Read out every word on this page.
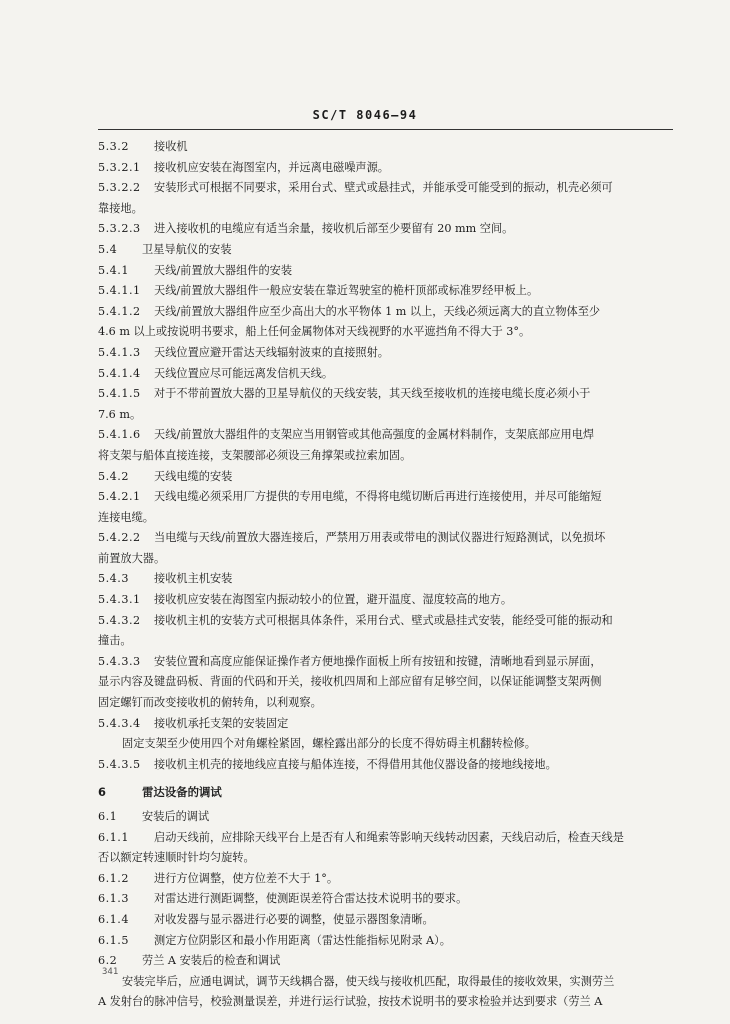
SC/T 8046—94
5.3.2 接收机
5.3.2.1 接收机应安装在海图室内，并远离电磁噪声源。
5.3.2.2 安装形式可根据不同要求，采用台式、壁式或悬挂式，并能承受可能受到的振动，机壳必须可
靠接地。
5.3.2.3 进入接收机的电缆应有适当余量，接收机后部至少要留有 20 mm 空间。
5.4 卫星导航仪的安装
5.4.1 天线/前置放大器组件的安装
5.4.1.1 天线/前置放大器组件一般应安装在靠近驾驶室的桅杆顶部或标准罗经甲板上。
5.4.1.2 天线/前置放大器组件应至少高出大的水平物体 1 m 以上，天线必须远离大的直立物体至少
4.6 m 以上或按说明书要求，船上任何金属物体对天线视野的水平遮挡角不得大于 3°。
5.4.1.3 天线位置应避开雷达天线辐射波束的直接照射。
5.4.1.4 天线位置应尽可能远离发信机天线。
5.4.1.5 对于不带前置放大器的卫星导航仪的天线安装，其天线至接收机的连接电缆长度必须小于
7.6 m。
5.4.1.6 天线/前置放大器组件的支架应当用钢管或其他高强度的金属材料制作，支架底部应用电焊
将支架与船体直接连接，支架腰部必须设三角撑架或拉索加固。
5.4.2 天线电缆的安装
5.4.2.1 天线电缆必须采用厂方提供的专用电缆，不得将电缆切断后再进行连接使用，并尽可能缩短
连接电缆。
5.4.2.2 当电缆与天线/前置放大器连接后，严禁用万用表或带电的测试仪器进行短路测试，以免损坏
前置放大器。
5.4.3 接收机主机安装
5.4.3.1 接收机应安装在海图室内振动较小的位置，避开温度、湿度较高的地方。
5.4.3.2 接收机主机的安装方式可根据具体条件，采用台式、壁式或悬挂式安装，能经受可能的振动和
撞击。
5.4.3.3 安装位置和高度应能保证操作者方便地操作面板上所有按钮和按键，清晰地看到显示屏面，
显示内容及键盘码板、背面的代码和开关，接收机四周和上部应留有足够空间，以保证能调整支架两侧
固定螺钉而改变接收机的俯转角，以利观察。
5.4.3.4 接收机承托支架的安装固定
固定支架至少使用四个对角螺栓紧固，螺栓露出部分的长度不得妨碍主机翻转检修。
5.4.3.5 接收机主机壳的接地线应直接与船体连接，不得借用其他仪器设备的接地线接地。
6	雷达设备的调试
6.1 安装后的调试
6.1.1 启动天线前，应排除天线平台上是否有人和绳索等影响天线转动因素，天线启动后，检查天线是
否以额定转速顺时针均匀旋转。
6.1.2 进行方位调整，使方位差不大于 1°。
6.1.3 对雷达进行测距调整，使测距误差符合雷达技术说明书的要求。
6.1.4 对收发器与显示器进行必要的调整，使显示器图象清晰。
6.1.5 测定方位阴影区和最小作用距离（雷达性能指标见附录 A）。
6.2 劳兰 A 安装后的检查和调试
安装完毕后，应通电调试，调节天线耦合器，使天线与接收机匹配，取得最佳的接收效果，实测劳兰
A 发射台的脉冲信号，校验测量误差，并进行运行试验，按技术说明书的要求检验并达到要求（劳兰 A
341
